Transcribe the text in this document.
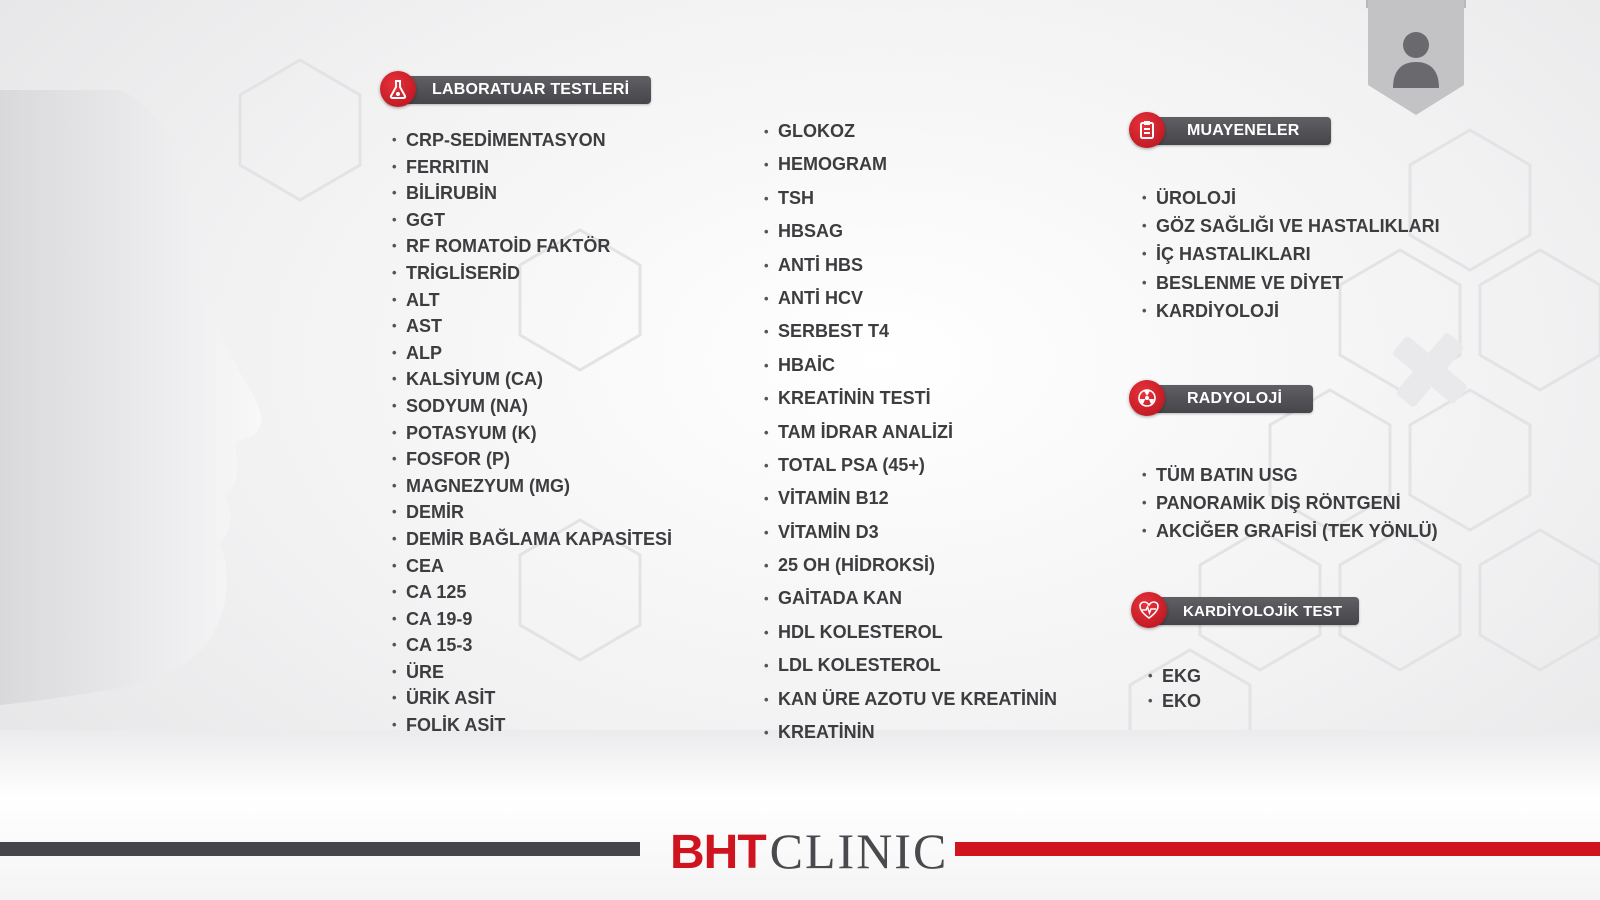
LABORATUAR TESTLERİ
• CRP-SEDİMENTASYON
• FERRITIN
• BİLİRUBİN
• GGT
• RF ROMATOİD FAKTÖR
• TRİGLİSERİD
• ALT
• AST
• ALP
• KALSİYUM (CA)
• SODYUM (NA)
• POTASYUM (K)
• FOSFOR (P)
• MAGNEZYUM (MG)
• DEMİR
• DEMİR BAĞLAMA KAPASİTESİ
• CEA
• CA 125
• CA 19-9
• CA 15-3
• ÜRE
• ÜRİK ASİT
• FOLİK ASİT
• GLOKOZ
• HEMOGRAM
• TSH
• HBSAG
• ANTİ HBS
• ANTİ HCV
• SERBEST T4
• HBAİC
• KREATİNİN TESTİ
• TAM İDRAR ANALİZİ
• TOTAL PSA (45+)
• VİTAMİN B12
• VİTAMİN D3
• 25 OH (HİDROKSİ)
• GAİTADA KAN
• HDL KOLESTEROL
• LDL KOLESTEROL
• KAN ÜRE AZOTU VE KREATİNİN
• KREATİNİN
MUAYENELER
• ÜROLOJİ
• GÖZ SAĞLIĞI VE HASTALIKLARI
• İÇ HASTALIKLARI
• BESLENME VE DİYET
• KARDİYOLOJİ
RADYOLOJİ
• TÜM BATIN USG
• PANORAMİK DİŞ RÖNTGENİ
• AKCİĞER GRAFİSİ (TEK YÖNLÜ)
KARDİYOLOJİK TEST
• EKG
• EKO
BHT CLINIC
